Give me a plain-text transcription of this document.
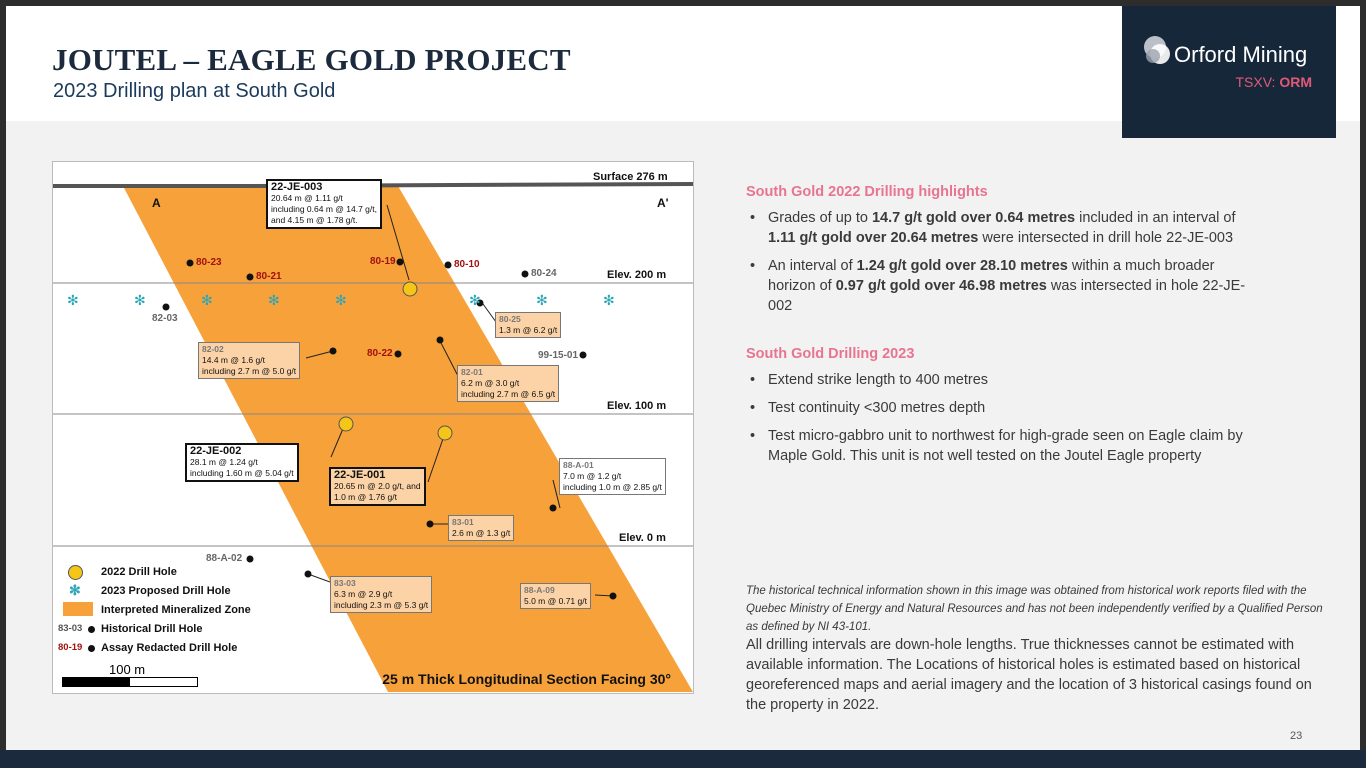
JOUTEL – EAGLE GOLD PROJECT
2023 Drilling plan at South Gold
Orford Mining
TSXV: ORM
✻	✻	✻	✻	✻	✻	✻	✻
Surface 276 m
A	A'
Elev. 200 m
Elev. 100 m
Elev. 0 m
80-23
80-21
80-19	80-10
80-22
80-24
82-03
99-15-01
88-A-02
22-JE-003
20.64 m @ 1.11 g/t
including 0.64 m @ 14.7 g/t,
and 4.15 m @ 1.78 g/t.
80-25
1.3 m @ 6.2 g/t
82-02
14.4 m @ 1.6 g/t
including 2.7 m @ 5.0 g/t	82-01
6.2 m @ 3.0 g/t
including 2.7 m @ 6.5 g/t
22-JE-002
28.1 m @ 1.24 g/t
including 1.60 m @ 5.04 g/t	22-JE-001
20.65 m @ 2.0 g/t, and
1.0 m @ 1.76 g/t
88-A-01
7.0 m @ 1.2 g/t
including 1.0 m @ 2.85 g/t
83-01
2.6 m @ 1.3 g/t
83-03
6.3 m @ 2.9 g/t
including 2.3 m @ 5.3 g/t
88-A-09
5.0 m @ 0.71 g/t
2022 Drill Hole
✻ 2023 Proposed Drill Hole
Interpreted Mineralized Zone
83-03 Historical Drill Hole
80-19 Assay Redacted Drill Hole
100 m
25 m Thick Longitudinal Section Facing 30°
South Gold 2022 Drilling highlights
• Grades of up to 14.7 g/t gold over 0.64 metres included in an interval of 1.11 g/t gold over 20.64 metres were intersected in drill hole 22-JE-003
• An interval of 1.24 g/t gold over 28.10 metres within a much broader horizon of 0.97 g/t gold over 46.98 metres was intersected in hole 22-JE-002
South Gold Drilling 2023
• Extend strike length to 400 metres
• Test continuity <300 metres depth
• Test micro-gabbro unit to northwest for high-grade seen on Eagle claim by Maple Gold. This unit is not well tested on the Joutel Eagle property
The historical technical information shown in this image was obtained from historical work reports filed with the Quebec Ministry of Energy and Natural Resources and has not been independently verified by a Qualified Person as defined by NI 43-101.
All drilling intervals are down-hole lengths. True thicknesses cannot be estimated with available information. The Locations of historical holes is estimated based on historical georeferenced maps and aerial imagery and the location of 3 historical casings found on the property in 2022.
23
